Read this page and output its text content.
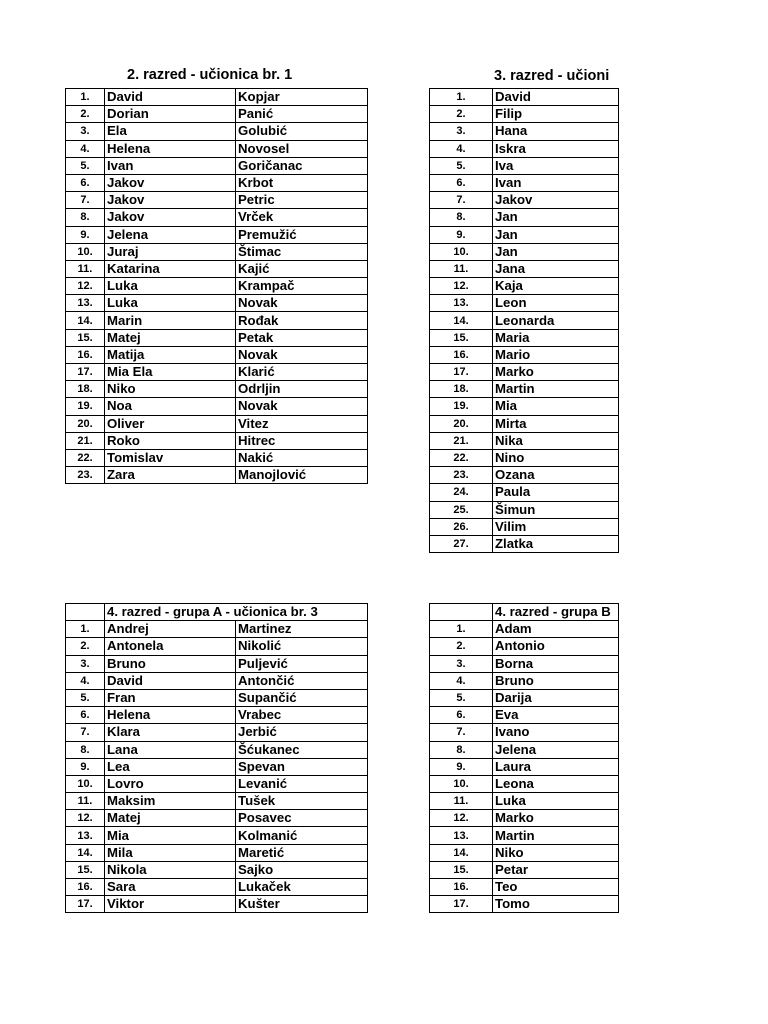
2. razred - učionica br. 1	3. razred - učioni
1.	David	Kopjar
2.	Dorian	Panić
3.	Ela	Golubić
4.	Helena	Novosel
5.	Ivan	Goričanac
6.	Jakov	Krbot
7.	Jakov	Petric
8.	Jakov	Vrček
9.	Jelena	Premužić
10.	Juraj	Štimac
11.	Katarina	Kajić
12.	Luka	Krampač
13.	Luka	Novak
14.	Marin	Rođak
15.	Matej	Petak
16.	Matija	Novak
17.	Mia Ela	Klarić
18.	Niko	Odrljin
19.	Noa	Novak
20.	Oliver	Vitez
21.	Roko	Hitrec
22.	Tomislav	Nakić
23.	Zara	Manojlović
1.	David
2.	Filip
3.	Hana
4.	Iskra
5.	Iva
6.	Ivan
7.	Jakov
8.	Jan
9.	Jan
10.	Jan
11.	Jana
12.	Kaja
13.	Leon
14.	Leonarda
15.	Maria
16.	Mario
17.	Marko
18.	Martin
19.	Mia
20.	Mirta
21.	Nika
22.	Nino
23.	Ozana
24.	Paula
25.	Šimun
26.	Vilim
27.	Zlatka
	4. razred - grupa A - učionica br. 3	
1.	Andrej	Martinez
2.	Antonela	Nikolić
3.	Bruno	Puljević
4.	David	Antončić
5.	Fran	Supančić
6.	Helena	Vrabec
7.	Klara	Jerbić
8.	Lana	Šćukanec
9.	Lea	Spevan
10.	Lovro	Levanić
11.	Maksim	Tušek
12.	Matej	Posavec
13.	Mia	Kolmanić
14.	Mila	Maretić
15.	Nikola	Sajko
16.	Sara	Lukaček
17.	Viktor	Kušter
	4. razred - grupa B
1.	Adam
2.	Antonio
3.	Borna
4.	Bruno
5.	Darija
6.	Eva
7.	Ivano
8.	Jelena
9.	Laura
10.	Leona
11.	Luka
12.	Marko
13.	Martin
14.	Niko
15.	Petar
16.	Teo
17.	Tomo
